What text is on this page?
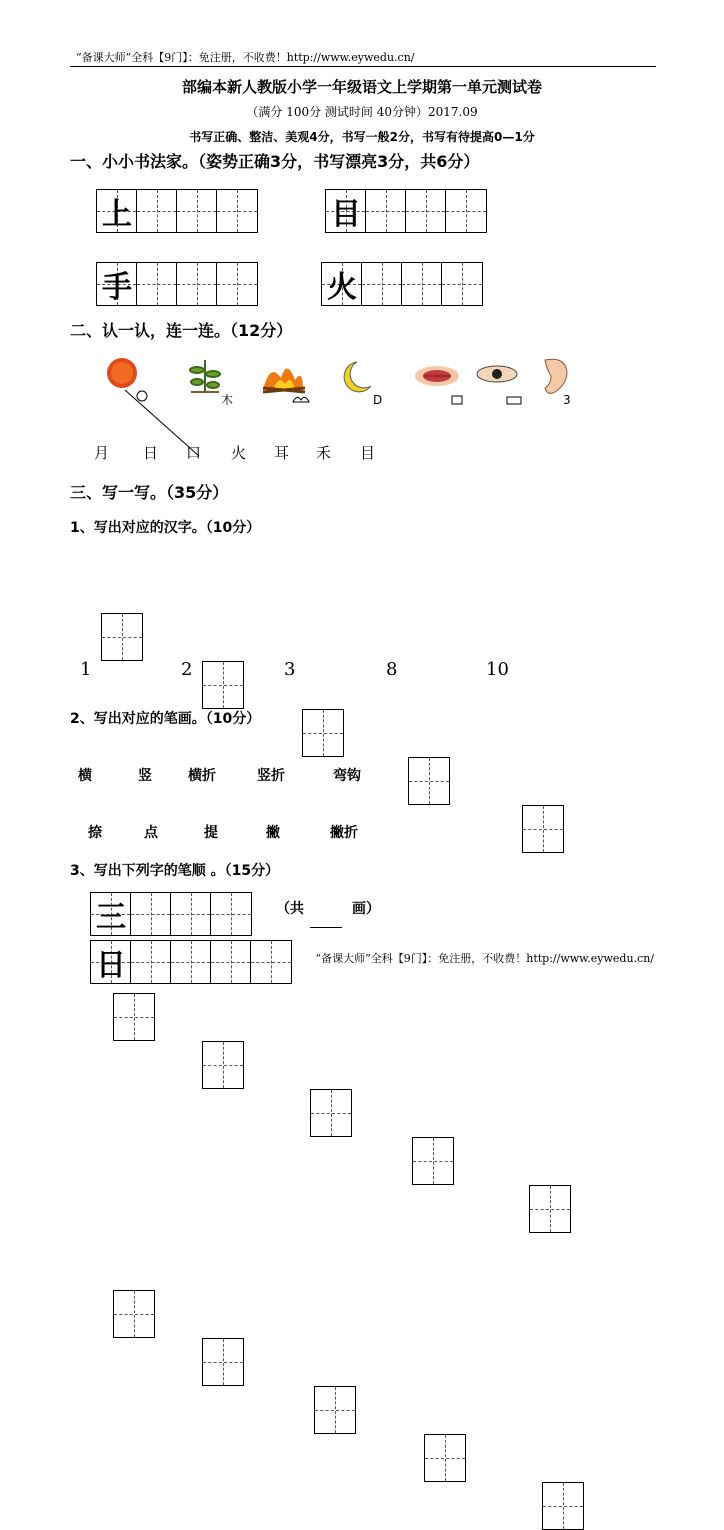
“备课大师”全科【9门】：免注册，不收费！http://www.eywedu.cn/
部编本新人教版小学一年级语文上学期第一单元测试卷
（满分 100分 测试时间 40分钟）2017.09
书写正确、整洁、美观4分，书写一般2分，书写有待提高0—1分
一、小小书法家。（姿势正确3分，书写漂亮3分，共6分）
上	目
手	火
二、认一认，连一连。（12分）
木	D	3
月 日 口 火 耳 禾 目
三、写一写。（35分）
1、写出对应的汉字。（10分）
1	2	3	8	10
2、写出对应的笔画。（10分）
横	竖	横折	竖折	弯钩
捺	点	提	撇	撇折
3、写出下列字的笔顺 。（15分）
三	（共	画）
日	“备课大师”全科【9门】：免注册，不收费！http://www.eywedu.cn/
